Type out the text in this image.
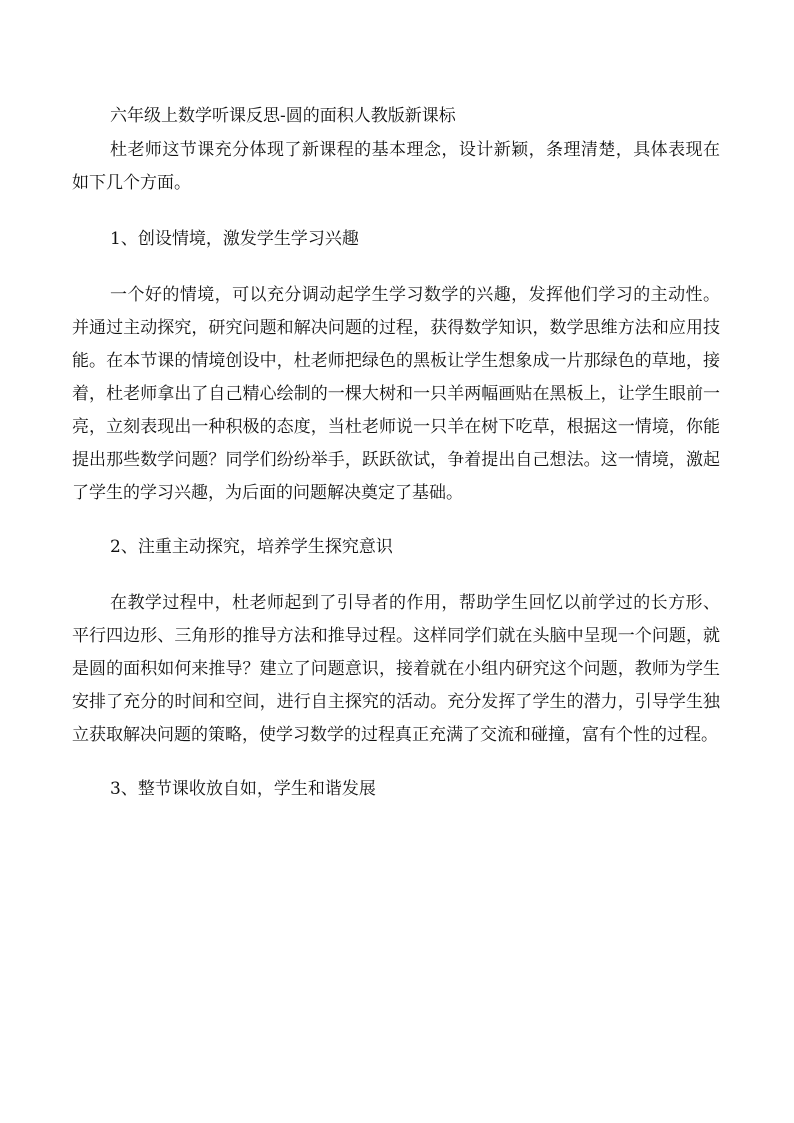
六年级上数学听课反思-圆的面积人教版新课标

杜老师这节课充分体现了新课程的基本理念，设计新颖，条理清楚，具体表现在如下几个方面。

1、创设情境，激发学生学习兴趣

一个好的情境，可以充分调动起学生学习数学的兴趣，发挥他们学习的主动性。并通过主动探究，研究问题和解决问题的过程，获得数学知识，数学思维方法和应用技能。在本节课的情境创设中，杜老师把绿色的黑板让学生想象成一片那绿色的草地，接着，杜老师拿出了自己精心绘制的一棵大树和一只羊两幅画贴在黑板上，让学生眼前一亮，立刻表现出一种积极的态度，当杜老师说一只羊在树下吃草，根据这一情境，你能提出那些数学问题？同学们纷纷举手，跃跃欲试，争着提出自己想法。这一情境，激起了学生的学习兴趣，为后面的问题解决奠定了基础。

2、注重主动探究，培养学生探究意识

在教学过程中，杜老师起到了引导者的作用，帮助学生回忆以前学过的长方形、平行四边形、三角形的推导方法和推导过程。这样同学们就在头脑中呈现一个问题，就是圆的面积如何来推导？建立了问题意识，接着就在小组内研究这个问题，教师为学生安排了充分的时间和空间，进行自主探究的活动。充分发挥了学生的潜力，引导学生独立获取解决问题的策略，使学习数学的过程真正充满了交流和碰撞，富有个性的过程。

3、整节课收放自如，学生和谐发展
